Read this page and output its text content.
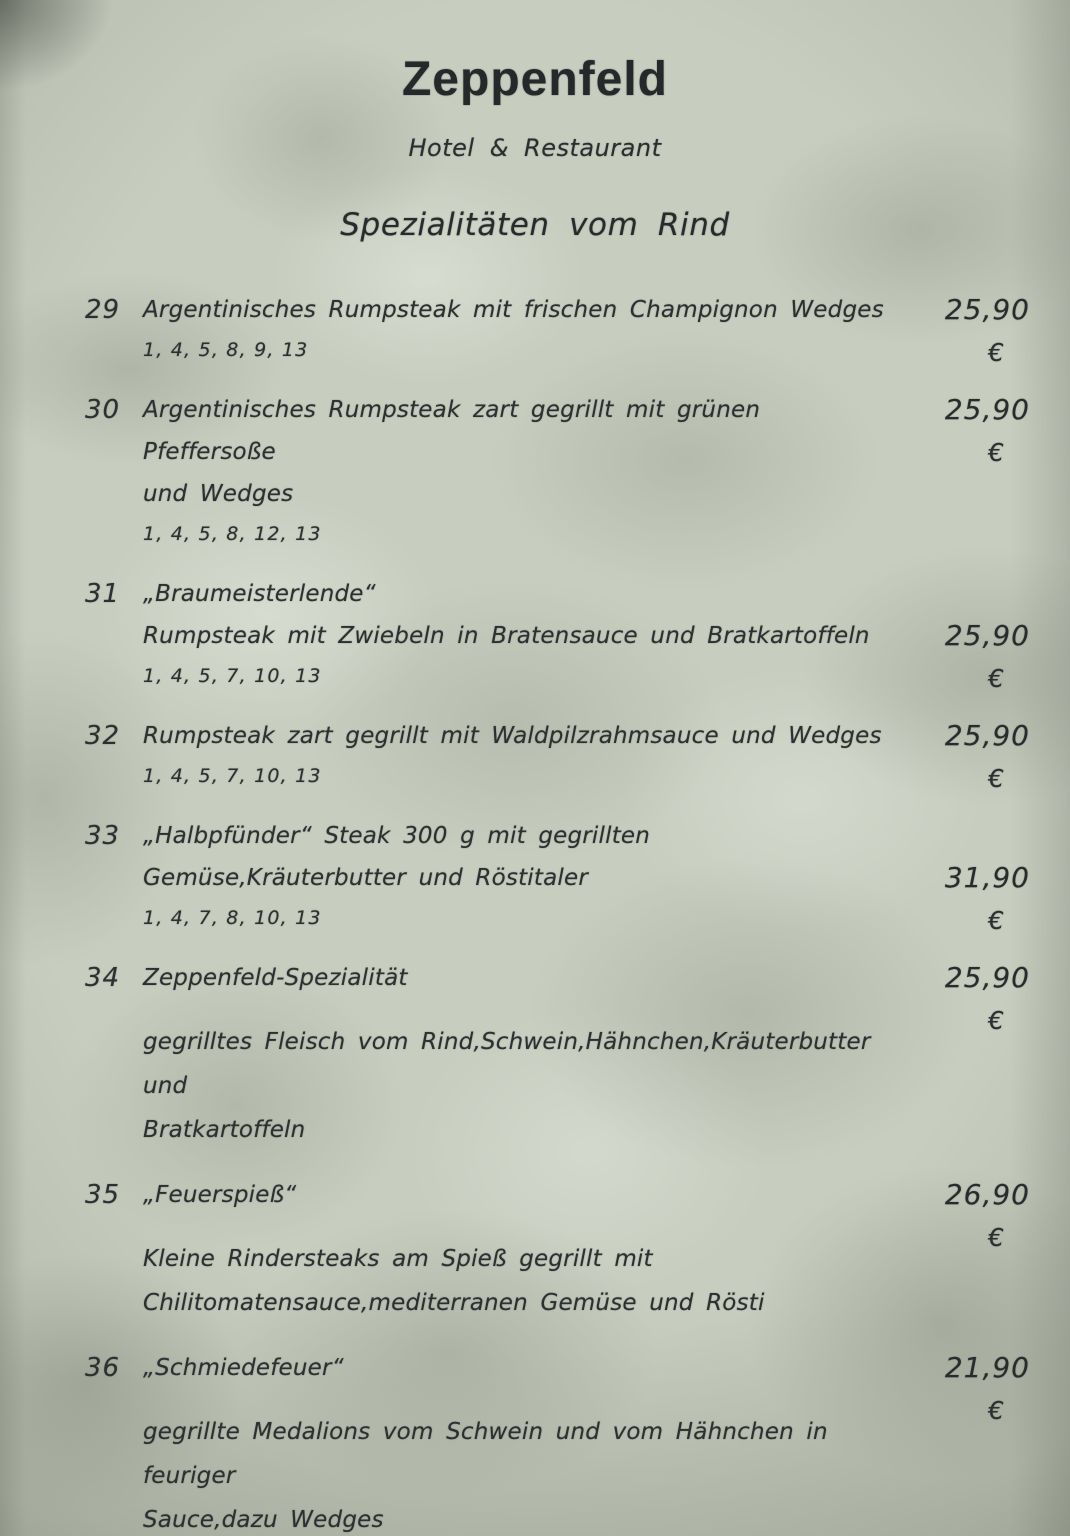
Zeppenfeld
Hotel & Restaurant
Spezialitäten vom Rind
29 Argentinisches Rumpsteak mit frischen Champignon Wedges
1, 4, 5, 8, 9, 13
25,90
€
30 Argentinisches Rumpsteak zart gegrillt mit grünen Pfeffersoße
und Wedges
1, 4, 5, 8, 12, 13
25,90
€
31 „Braumeisterlende“
Rumpsteak mit Zwiebeln in Bratensauce und Bratkartoffeln
1, 4, 5, 7, 10, 13
25,90
€
32 Rumpsteak zart gegrillt mit Waldpilzrahmsauce und Wedges
1, 4, 5, 7, 10, 13
25,90
€
33 „Halbpfünder“ Steak 300 g mit gegrillten
Gemüse,Kräuterbutter und Röstitaler
1, 4, 7, 8, 10, 13
31,90
€
34 Zeppenfeld-Spezialität
gegrilltes Fleisch vom Rind,Schwein,Hähnchen,Kräuterbutter und
Bratkartoffeln
25,90
€
35 „Feuerspieß“
Kleine Rindersteaks am Spieß gegrillt mit
Chilitomatensauce,mediterranen Gemüse und Rösti
26,90
€
36 „Schmiedefeuer“
gegrillte Medalions vom Schwein und vom Hähnchen in feuriger
Sauce,dazu Wedges
21,90
€
